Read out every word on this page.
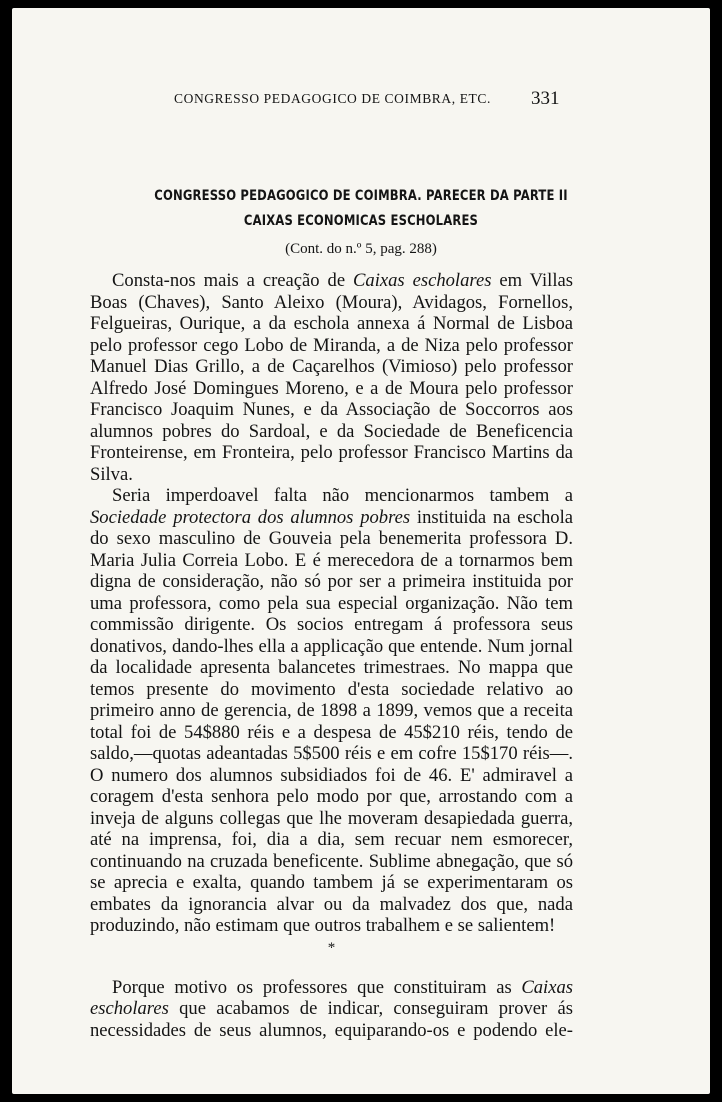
CONGRESSO PEDAGOGICO DE COIMBRA, ETC. 331
CONGRESSO PEDAGOGICO DE COIMBRA. PARECER DA PARTE II
CAIXAS ECONOMICAS ESCHOLARES
(Cont. do n.º 5, pag. 288)

Consta-nos mais a creação de Caixas escholares em Villas Boas (Chaves), Santo Aleixo (Moura), Avidagos, Fornellos, Felgueiras, Ourique, a da eschola annexa á Normal de Lisboa pelo professor cego Lobo de Miranda, a de Niza pelo professor Manuel Dias Grillo, a de Caçarelhos (Vimioso) pelo professor Alfredo José Domingues Moreno, e a de Moura pelo professor Francisco Joaquim Nunes, e da Associação de Soccorros aos alumnos pobres do Sardoal, e da Sociedade de Beneficencia Fronteirense, em Fronteira, pelo professor Francisco Martins da Silva.

Seria imperdoavel falta não mencionarmos tambem a Sociedade protectora dos alumnos pobres instituida na eschola do sexo masculino de Gouveia pela benemerita professora D. Maria Julia Correia Lobo. E é merecedora de a tornarmos bem digna de consideração, não só por ser a primeira instituida por uma professora, como pela sua especial organização. Não tem commissão dirigente. Os socios entregam á professora seus donativos, dando-lhes ella a applicação que entende. Num jornal da localidade apresenta balancetes trimestraes. No mappa que temos presente do movimento d'esta sociedade relativo ao primeiro anno de gerencia, de 1898 a 1899, vemos que a receita total foi de 54$880 réis e a despesa de 45$210 réis, tendo de saldo,—quotas adeantadas 5$500 réis e em cofre 15$170 réis—. O numero dos alumnos subsidiados foi de 46. E' admiravel a coragem d'esta senhora pelo modo por que, arrostando com a inveja de alguns collegas que lhe moveram desapiedada guerra, até na imprensa, foi, dia a dia, sem recuar nem esmorecer, continuando na cruzada beneficente. Sublime abnegação, que só se aprecia e exalta, quando tambem já se experimentaram os embates da ignorancia alvar ou da malvadez dos que, nada produzindo, não estimam que outros trabalhem e se salientem!

*

Porque motivo os professores que constituiram as Caixas escholares que acabamos de indicar, conseguiram prover ás necessidades de seus alumnos, equiparando-os e podendo ele-
